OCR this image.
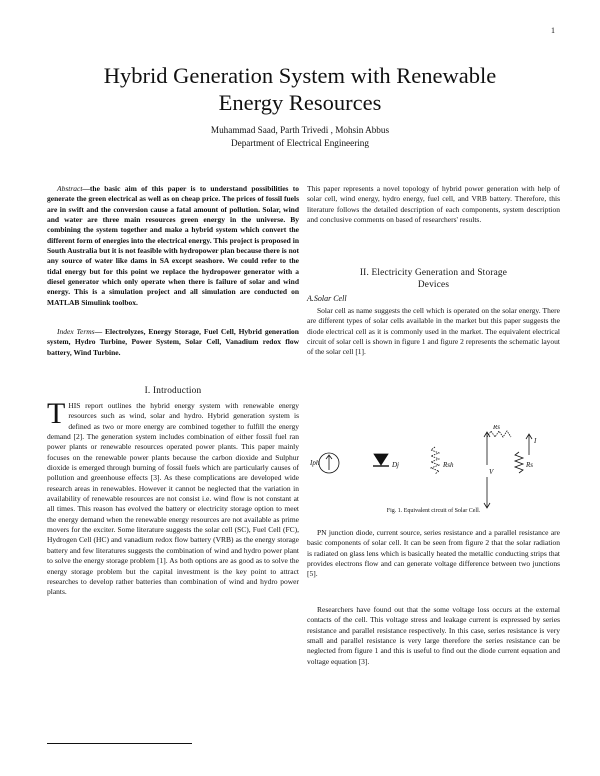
1
Hybrid Generation System with Renewable
Energy Resources
Muhammad Saad, Parth Trivedi , Mohsin Abbus
Department of Electrical Engineering
Abstract—the basic aim of this paper is to understand possibilities to generate the green electrical as well as on cheap price. The prices of fossil fuels are in swift and the conversion cause a fatal amount of pollution. Solar, wind and water are three main resources green energy in the universe. By combining the system together and make a hybrid system which convert the different form of energies into the electrical energy. This project is proposed in South Australia but it is not feasible with hydropower plan because there is not any source of water like dams in SA except seashore. We could refer to the tidal energy but for this point we replace the hydropower generator with a diesel generator which only operate when there is failure of solar and wind energy. This is a simulation project and all simulation are conducted on MATLAB Simulink toolbox.
Index Terms— Electrolyzes, Energy Storage, Fuel Cell, Hybrid generation system, Hydro Turbine, Power System, Solar Cell, Vanadium redox flow battery, Wind Turbine.
I. Introduction
THIS report outlines the hybrid energy system with renewable energy resources such as wind, solar and hydro. Hybrid generation system is defined as two or more energy are combined together to fulfill the energy demand [2]. The generation system includes combination of either fossil fuel ran power plants or renewable resources operated power plants. This paper mainly focuses on the renewable power plants because the carbon dioxide and Sulphur dioxide is emerged through burning of fossil fuels which are particularly causes of pollution and greenhouse effects [3]. As these complications are developed wide research areas in renewables. However it cannot be neglected that the variation in availability of renewable resources are not consist i.e. wind flow is not constant at all times. This reason has evolved the battery or electricity storage option to meet the energy demand when the renewable energy resources are not available as prime movers for the exciter. Some literature suggests the solar cell (SC), Fuel Cell (FC), Hydrogen Cell (HC) and vanadium redox flow battery (VRB) as the energy storage battery and few literatures suggests the combination of wind and hydro power plant to solve the energy storage problem [1]. As both options are as good as to solve the energy storage problem but the capital investment is the key point to attract researches to develop rather batteries than combination of wind and hydro power plants.
This paper represents a novel topology of hybrid power generation with help of solar cell, wind energy, hydro energy, fuel cell, and VRB battery. Therefore, this literature follows the detailed description of each components, system description and conclusive comments on based of researchers' results.
II. Electricity Generation and Storage
Devices
A.Solar Cell
Solar cell as name suggests the cell which is operated on the solar energy. There are different types of solar cells available in the market but this paper suggests the diode electrical cell as it is commonly used in the market. The equivalent electrical circuit of solar cell is shown in figure 1 and figure 2 represents the schematic layout of the solar cell [1].
Iph	Dj	Rsh
Rs
V
I
Rs
Fig. 1. Equivalent circuit of Solar Cell.
PN junction diode, current source, series resistance and a parallel resistance are basic components of solar cell. It can be seen from figure 2 that the solar radiation is radiated on glass lens which is basically heated the metallic conducting strips that provides electrons flow and can generate voltage difference between two junctions [5].
Researchers have found out that the some voltage loss occurs at the external contacts of the cell. This voltage stress and leakage current is expressed by series resistance and parallel resistance respectively. In this case, series resistance is very small and parallel resistance is very large therefore the series resistance can be neglected from figure 1 and this is useful to find out the diode current equation and voltage equation [3].
